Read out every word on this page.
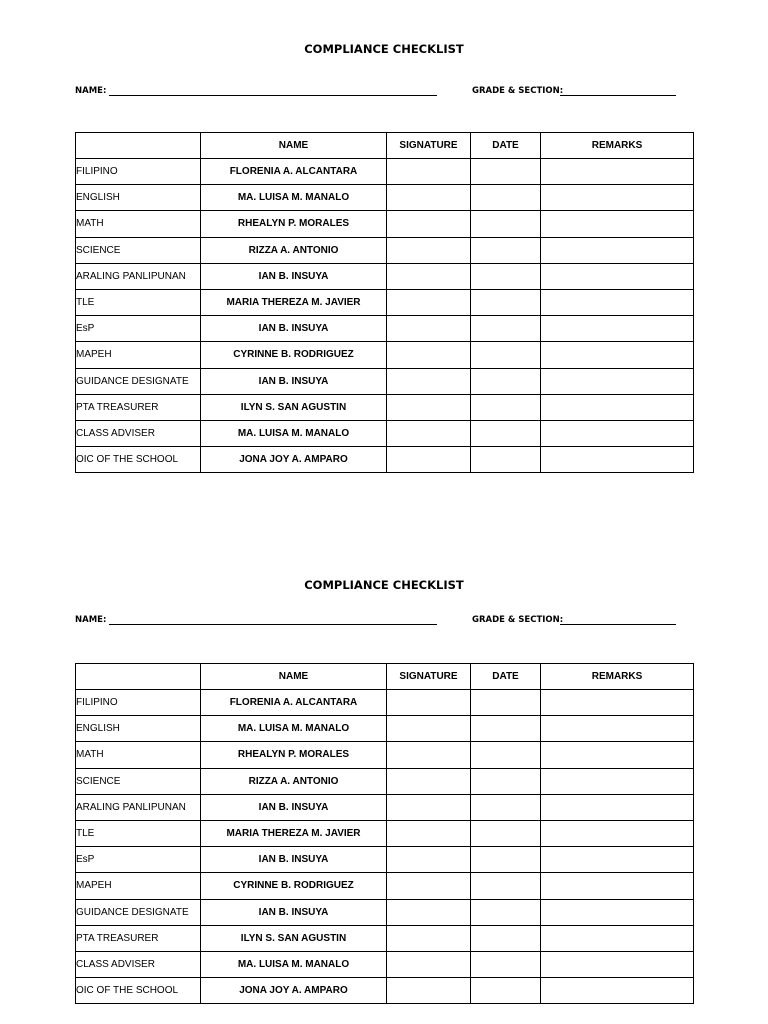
COMPLIANCE CHECKLIST
NAME:	GRADE & SECTION:
	NAME	SIGNATURE	DATE	REMARKS
FILIPINO	FLORENIA A. ALCANTARA			
ENGLISH	MA. LUISA M. MANALO			
MATH	RHEALYN P. MORALES			
SCIENCE	RIZZA A. ANTONIO			
ARALING PANLIPUNAN	IAN B. INSUYA			
TLE	MARIA THEREZA M. JAVIER			
EsP	IAN B. INSUYA			
MAPEH	CYRINNE B. RODRIGUEZ			
GUIDANCE DESIGNATE	IAN B. INSUYA			
PTA TREASURER	ILYN S. SAN AGUSTIN			
CLASS ADVISER	MA. LUISA M. MANALO			
OIC OF THE SCHOOL	JONA JOY A. AMPARO			
COMPLIANCE CHECKLIST
NAME:	GRADE & SECTION:
	NAME	SIGNATURE	DATE	REMARKS
FILIPINO	FLORENIA A. ALCANTARA			
ENGLISH	MA. LUISA M. MANALO			
MATH	RHEALYN P. MORALES			
SCIENCE	RIZZA A. ANTONIO			
ARALING PANLIPUNAN	IAN B. INSUYA			
TLE	MARIA THEREZA M. JAVIER			
EsP	IAN B. INSUYA			
MAPEH	CYRINNE B. RODRIGUEZ			
GUIDANCE DESIGNATE	IAN B. INSUYA			
PTA TREASURER	ILYN S. SAN AGUSTIN			
CLASS ADVISER	MA. LUISA M. MANALO			
OIC OF THE SCHOOL	JONA JOY A. AMPARO			
